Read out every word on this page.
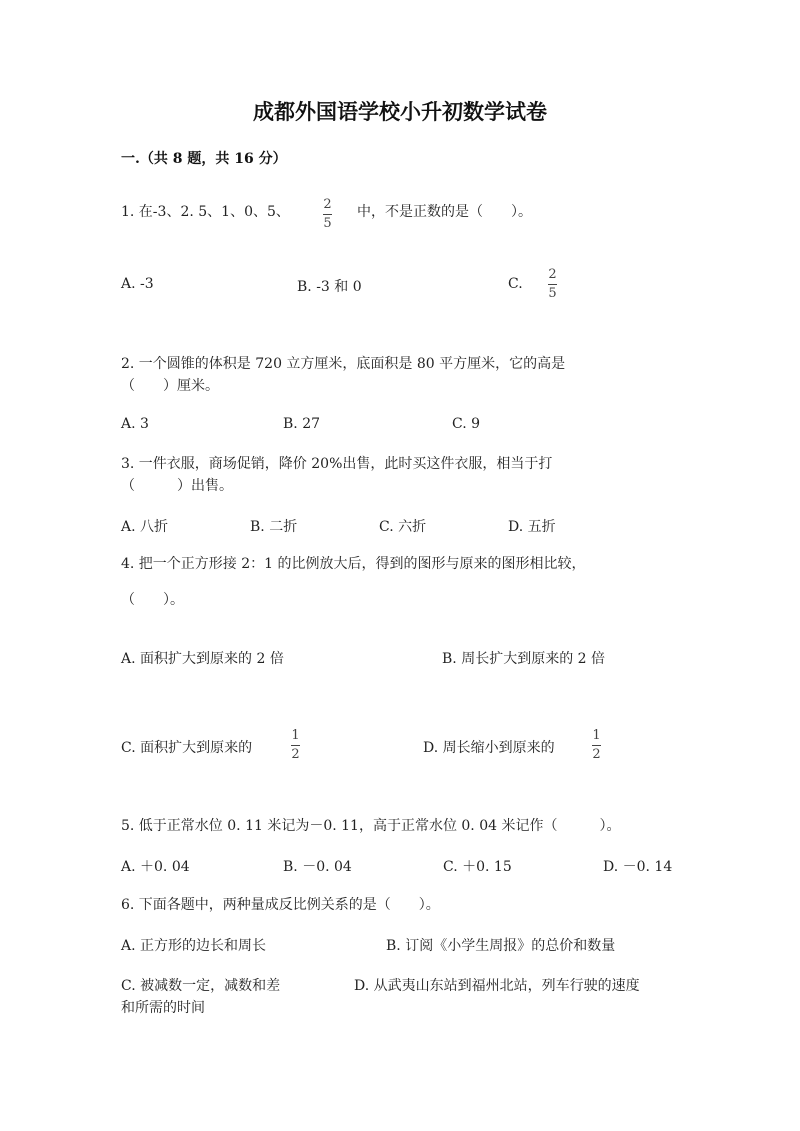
成都外国语学校小升初数学试卷
一.（共 8 题，共 16 分）
1. 在-3、2. 5、1、0、5、	2
5
中，不是正数的是（　　）。
A. -3	B. -3 和 0	C.
2
5
2. 一个圆锥的体积是 720 立方厘米，底面积是 80 平方厘米，它的高是
（　　）厘米。
A. 3	B. 27	C. 9
3. 一件衣服，商场促销，降价 20%出售，此时买这件衣服，相当于打
（　　　）出售。
A. 八折	B. 二折	C. 六折	D. 五折
4. 把一个正方形接 2：1 的比例放大后，得到的图形与原来的图形相比较，
（　　）。
A. 面积扩大到原来的 2 倍	B. 周长扩大到原来的 2 倍
C. 面积扩大到原来的
1
2	D. 周长缩小到原来的
1
2
5. 低于正常水位 0. 11 米记为－0. 11，高于正常水位 0. 04 米记作（　　　）。
A. ＋0. 04	B. －0. 04	C. ＋0. 15	D. －0. 14
6. 下面各题中，两种量成反比例关系的是（　　）。
A. 正方形的边长和周长	B. 订阅《小学生周报》的总价和数量
C. 被减数一定，减数和差	D. 从武夷山东站到福州北站，列车行驶的速度
和所需的时间
